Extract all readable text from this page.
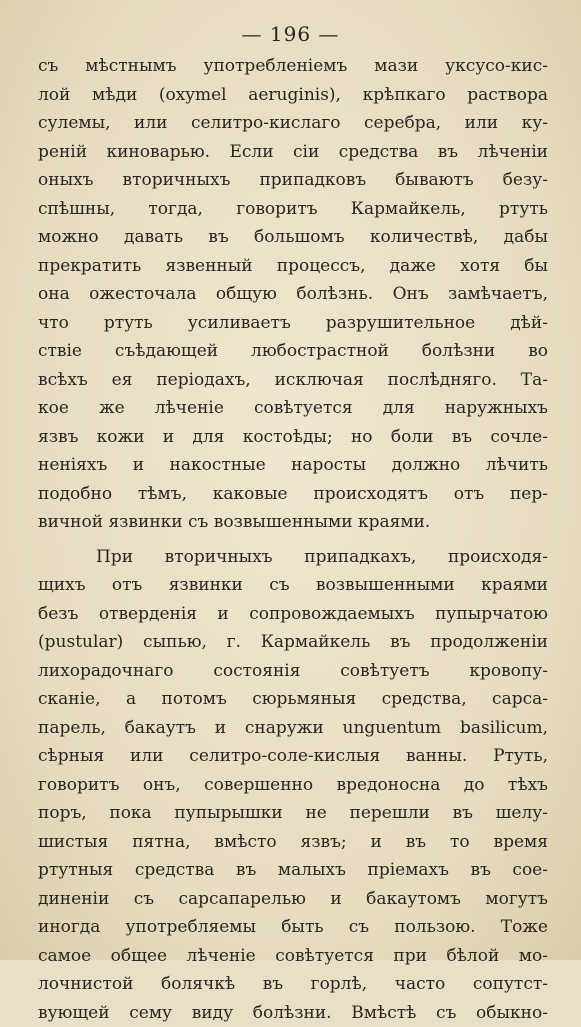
— 196 —
съ мѣстнымъ употребленіемъ мази уксусо-кис-
лой мѣди (oxymel aeruginis), крѣпкаго раствора
сулемы, или селитро-кислаго серебра, или ку-
реній киноварью. Если сіи средства въ лѣченіи
оныхъ вторичныхъ припадковъ бываютъ безу-
спѣшны, тогда, говоритъ Кармайкель, ртуть
можно давать въ большомъ количествѣ, дабы
прекратить язвенный процессъ, даже хотя бы
она ожесточала общую болѣзнь. Онъ замѣчаетъ,
что ртуть усиливаетъ разрушительное дѣй-
ствіе съѣдающей любострастной болѣзни во
всѣхъ ея періодахъ, исключая послѣдняго. Та-
кое же лѣченіе совѣтуется для наружныхъ
язвъ кожи и для костоѣды; но боли въ сочле-
неніяхъ и накостные наросты должно лѣчить
подобно тѣмъ, каковые происходятъ отъ пер-
вичной язвинки съ возвышенными краями.
При вторичныхъ припадкахъ, происходя-
щихъ отъ язвинки съ возвышенными краями
безъ отверденія и сопровождаемыхъ пупырчатою
(pustular) сыпью, г. Кармайкель въ продолженіи
лихорадочнаго состоянія совѣтуетъ кровопу-
сканіе, а потомъ сюрьмяныя средства, сарса-
парель, бакаутъ и снаружи unguentum basilicum,
сѣрныя или селитро-соле-кислыя ванны. Ртуть,
говоритъ онъ, совершенно вредоносна до тѣхъ
поръ, пока пупырышки не перешли въ шелу-
шистыя пятна, вмѣсто язвъ; и въ то время
ртутныя средства въ малыхъ пріемахъ въ сое-
диненіи съ сарсапарелью и бакаутомъ могутъ
иногда употребляемы быть съ пользою. Тоже
самое общее лѣченіе совѣтуется при бѣлой мо-
лочнистой болячкѣ въ горлѣ, часто сопутст-
вующей сему виду болѣзни. Вмѣстѣ съ обыкно-
